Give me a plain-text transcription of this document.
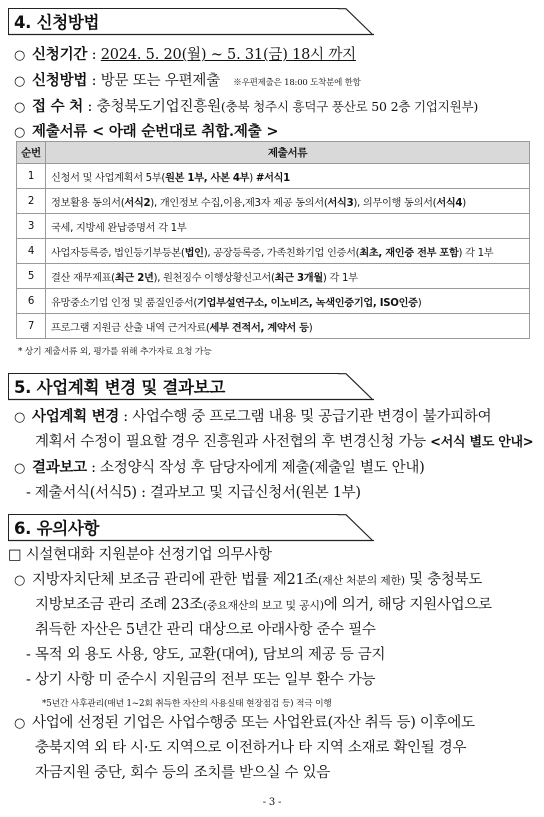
4. 신청방법
○ 신청기간 : 2024. 5. 20(월) ~ 5. 31(금) 18시 까지
○ 신청방법 : 방문 또는 우편제출 ※우편제출은 18:00 도착분에 한함
○ 접 수 처 : 충청북도기업진흥원(충북 청주시 흥덕구 풍산로 50 2층 기업지원부)
○ 제출서류 < 아래 순번대로 취합.제출 >
순번	제출서류
1	신청서 및 사업계획서 5부(원본 1부, 사본 4부) #서식1
2	정보활용 동의서(서식2), 개인정보 수집,이용,제3자 제공 동의서(서식3), 의무이행 동의서(서식4)
3	국세, 지방세 완납증명서 각 1부
4	사업자등록증, 법인등기부등본(법인), 공장등록증, 가족친화기업 인증서(최초, 재인증 전부 포함) 각 1부
5	결산 재무제표(최근 2년), 원천징수 이행상황신고서(최근 3개월) 각 1부
6	유망중소기업 인정 및 품질인증서(기업부설연구소, 이노비즈, 녹색인증기업, ISO인증)
7	프로그램 지원금 산출 내역 근거자료(세부 견적서, 계약서 등)
* 상기 제출서류 외, 평가를 위해 추가자료 요청 가능
5. 사업계획 변경 및 결과보고
○ 사업계획 변경 : 사업수행 중 프로그램 내용 및 공급기관 변경이 불가피하여
계획서 수정이 필요할 경우 진흥원과 사전협의 후 변경신청 가능 <서식 별도 안내>
○ 결과보고 : 소정양식 작성 후 담당자에게 제출(제출일 별도 안내)
- 제출서식(서식5) : 결과보고 및 지급신청서(원본 1부)
6. 유의사항
□ 시설현대화 지원분야 선정기업 의무사항
○ 지방자치단체 보조금 관리에 관한 법률 제21조(재산 처분의 제한) 및 충청북도
지방보조금 관리 조례 23조(중요재산의 보고 및 공시)에 의거, 해당 지원사업으로
취득한 자산은 5년간 관리 대상으로 아래사항 준수 필수
- 목적 외 용도 사용, 양도, 교환(대여), 담보의 제공 등 금지
- 상기 사항 미 준수시 지원금의 전부 또는 일부 환수 가능
*5년간 사후관리(매년 1~2회 취득한 자산의 사용실태 현장점검 등) 적극 이행
○ 사업에 선정된 기업은 사업수행중 또는 사업완료(자산 취득 등) 이후에도
충북지역 외 타 시·도 지역으로 이전하거나 타 지역 소재로 확인될 경우
자금지원 중단, 회수 등의 조치를 받으실 수 있음
- 3 -
